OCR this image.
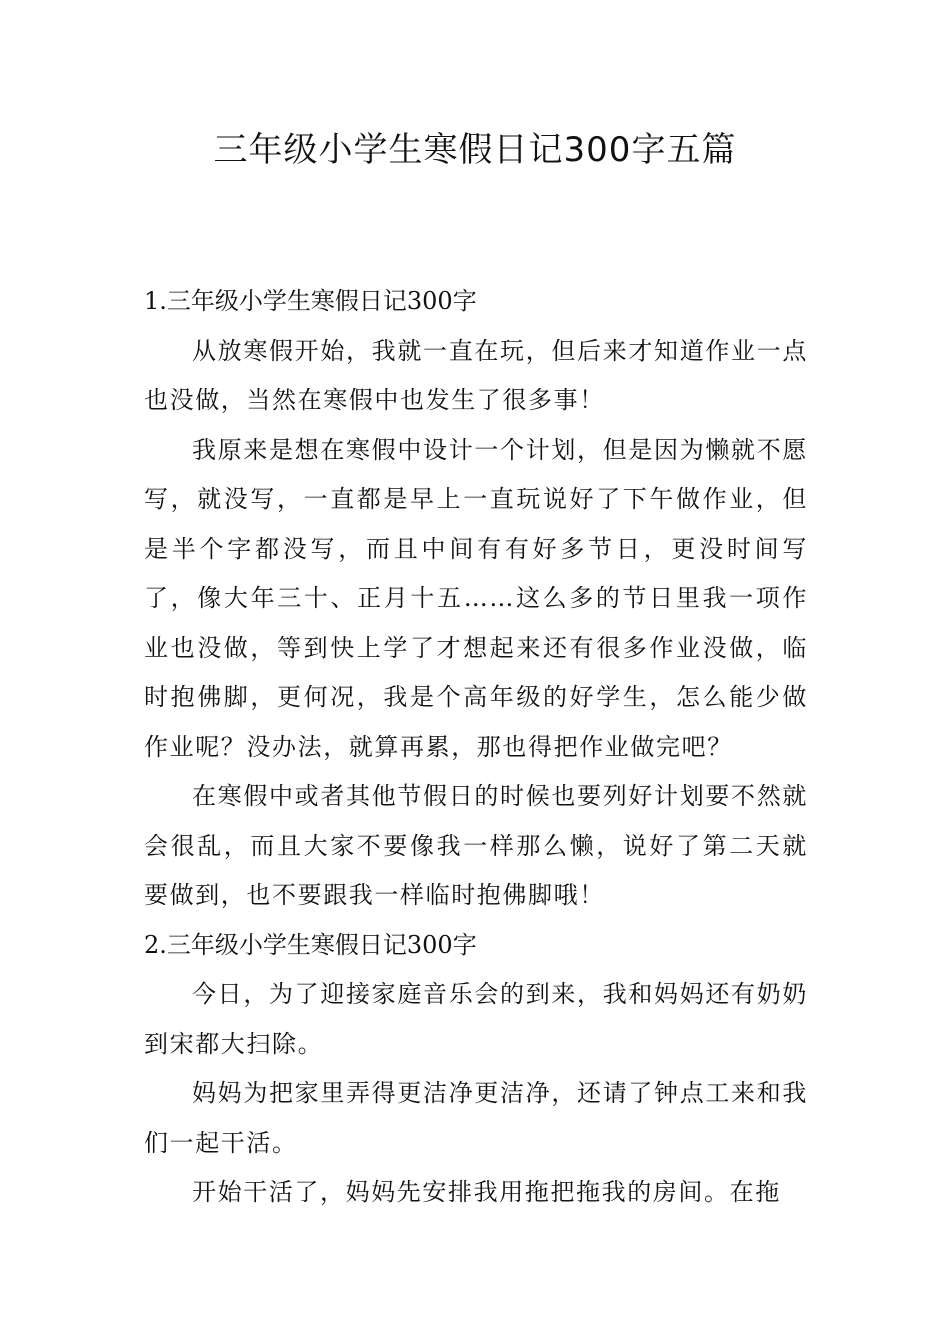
三年级小学生寒假日记300字五篇
1.三年级小学生寒假日记300字

从放寒假开始，我就一直在玩，但后来才知道作业一点也没做，当然在寒假中也发生了很多事！

我原来是想在寒假中设计一个计划，但是因为懒就不愿写，就没写，一直都是早上一直玩说好了下午做作业，但是半个字都没写，而且中间有有好多节日，更没时间写了，像大年三十、正月十五……这么多的节日里我一项作业也没做，等到快上学了才想起来还有很多作业没做，临时抱佛脚，更何况，我是个高年级的好学生，怎么能少做作业呢？没办法，就算再累，那也得把作业做完吧？

在寒假中或者其他节假日的时候也要列好计划要不然就会很乱，而且大家不要像我一样那么懒，说好了第二天就要做到，也不要跟我一样临时抱佛脚哦！

2.三年级小学生寒假日记300字

今日，为了迎接家庭音乐会的到来，我和妈妈还有奶奶到宋都大扫除。

妈妈为把家里弄得更洁净更洁净，还请了钟点工来和我们一起干活。

开始干活了，妈妈先安排我用拖把拖我的房间。在拖
